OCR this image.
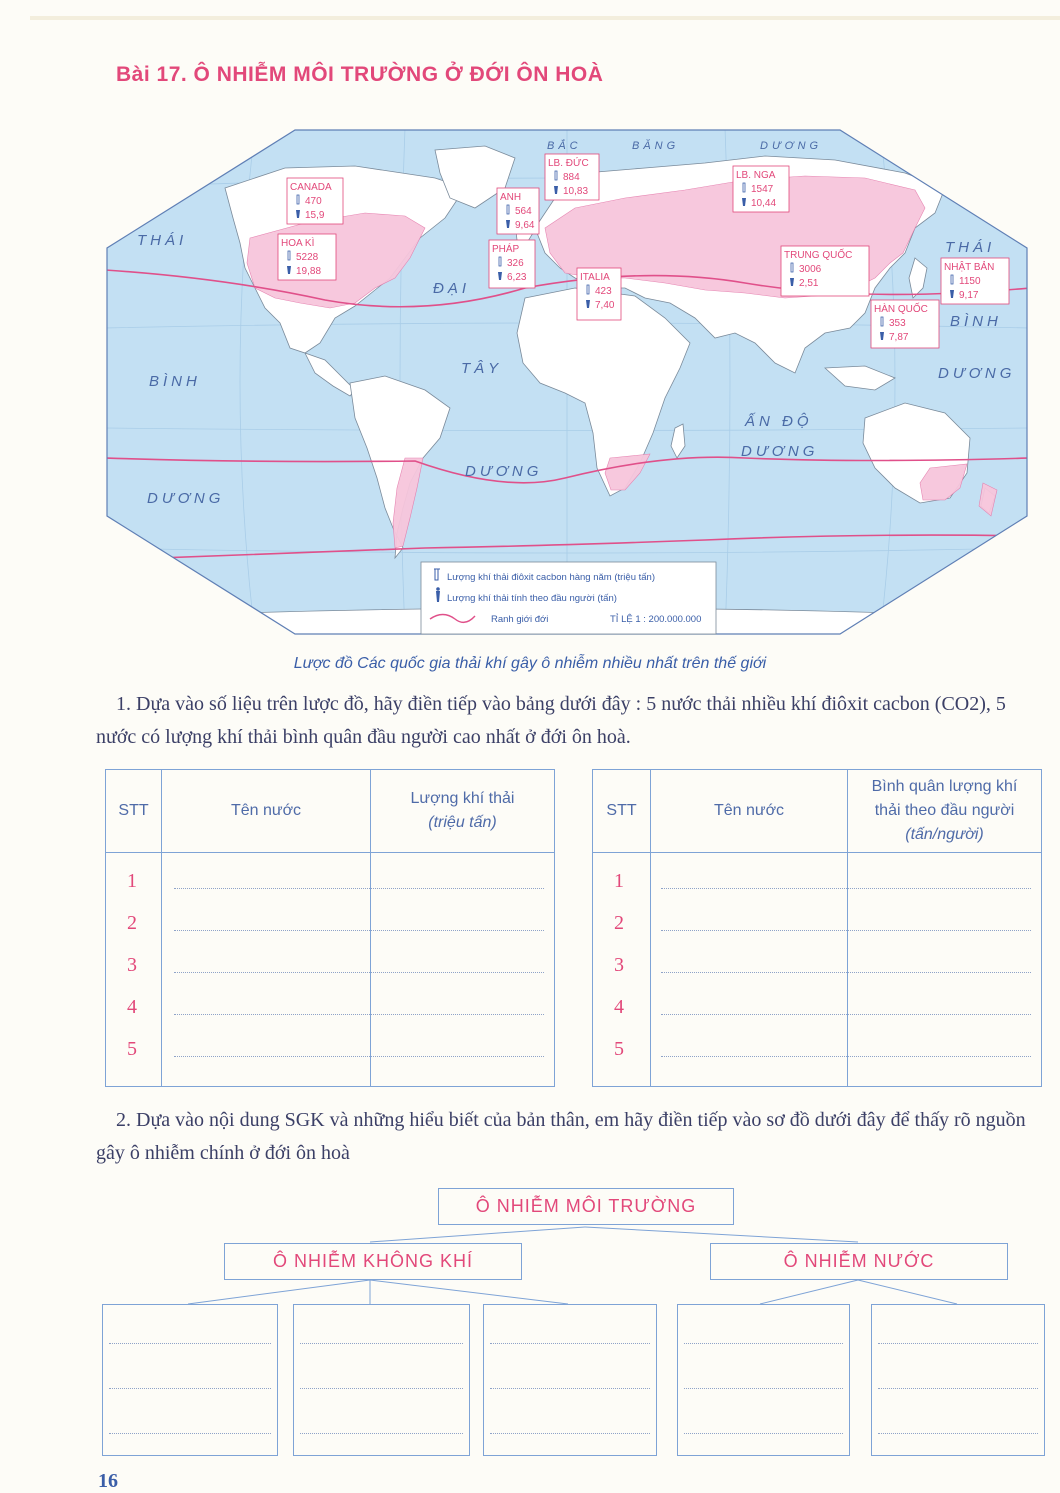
Bài 17. Ô NHIỄM MÔI TRƯỜNG Ở ĐỚI ÔN HOÀ
BẮC	BĂNG	DƯƠNG
THÁI
BÌNH
DƯƠNG
ĐẠI
TÂY
DƯƠNG
ẤN ĐỘ
DƯƠNG
THÁI
BÌNH
DƯƠNG
CANADA
470
15,9
HOA KÌ
5228
19,88
ANH
564
9,64
LB. ĐỨC
884
10,83
PHÁP
326
6,23	ITALIA
423
7,40
LB. NGA
1547
10,44
TRUNG QUỐC
3006
2,51
NHẬT BẢN
1150
9,17
HÀN QUỐC
353
7,87
Lượng khí thải điôxit cacbon hàng năm (triệu tấn)
Lượng khí thải tính theo đầu người (tấn)
Ranh giới đới	TỈ LỆ 1 : 200.000.000
Lược đồ Các quốc gia thải khí gây ô nhiễm nhiều nhất trên thế giới
1. Dựa vào số liệu trên lược đồ, hãy điền tiếp vào bảng dưới đây : 5 nước thải nhiều khí điôxit cacbon (CO2), 5 nước có lượng khí thải bình quân đầu người cao nhất ở đới ôn hoà.
STT	Tên nước
Lượng khí thải
(triệu tấn)
1
2
3
4
5
STT	Tên nước
Bình quân lượng khí
thải theo đầu người
(tấn/người)
1
2
3
4
5
2. Dựa vào nội dung SGK và những hiểu biết của bản thân, em hãy điền tiếp vào sơ đồ dưới đây để thấy rõ nguồn gây ô nhiễm chính ở đới ôn hoà
Ô NHIỄM MÔI TRƯỜNG
Ô NHIỄM KHÔNG KHÍ	Ô NHIỄM NƯỚC
16
